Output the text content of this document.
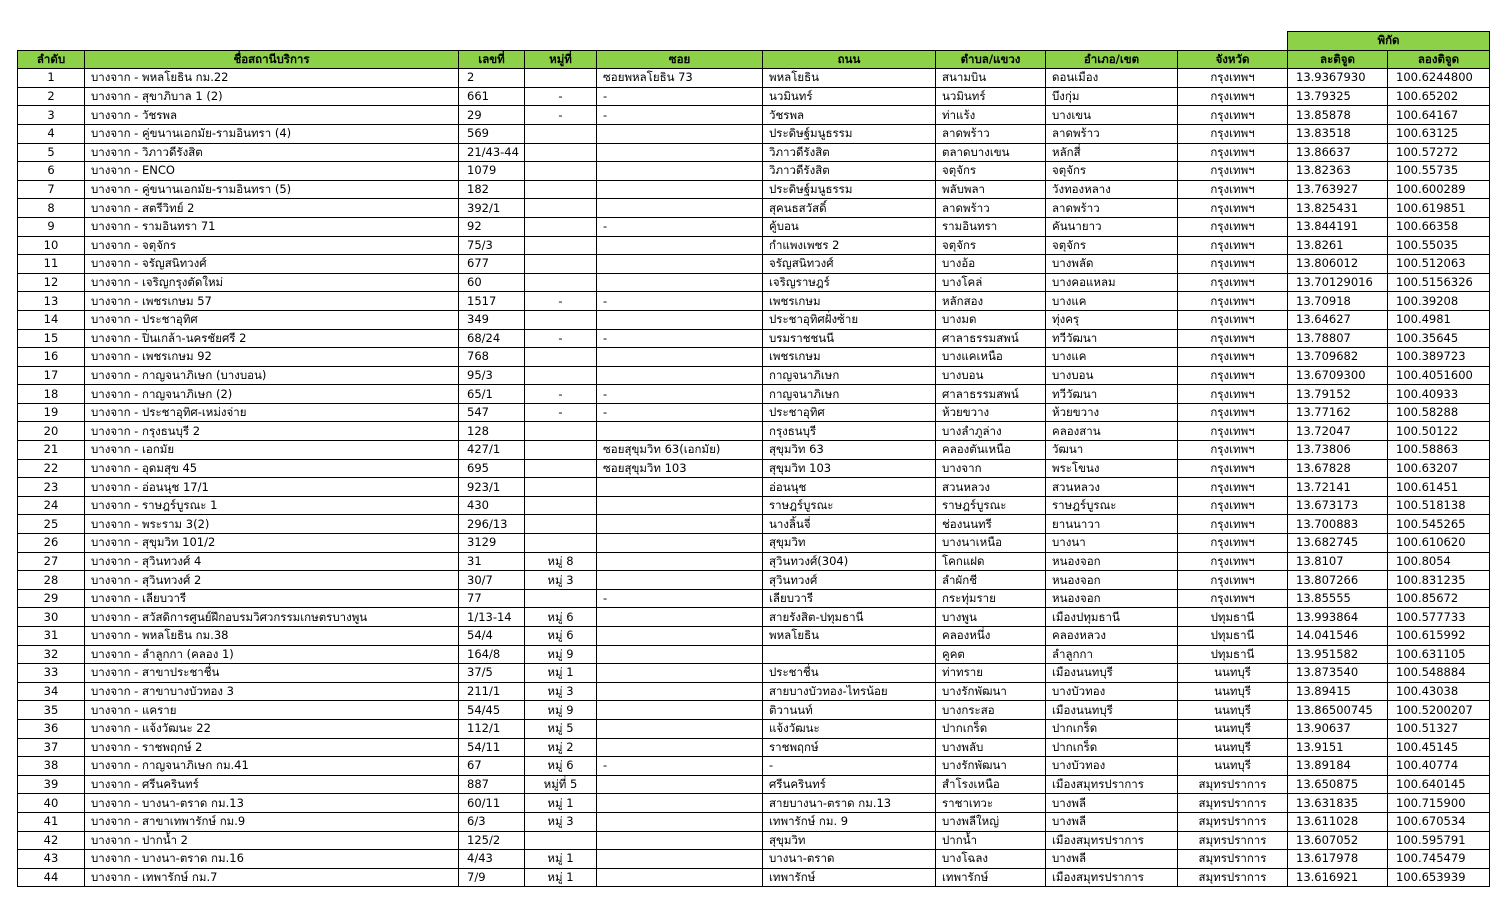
									พิกัด	
ลำดับ	ชื่อสถานีบริการ	เลขที่	หมู่ที่	ซอย	ถนน	ตำบล/แขวง	อำเภอ/เขต	จังหวัด	ละติจูด	ลองติจูด
1	บางจาก - พหลโยธิน กม.22	2		ซอยพหลโยธิน 73	พหลโยธิน	สนามบิน	ดอนเมือง	กรุงเทพฯ	13.9367930	100.6244800
2	บางจาก - สุขาภิบาล 1 (2)	661	-	-	นวมินทร์	นวมินทร์	บึงกุ่ม	กรุงเทพฯ	13.79325	100.65202
3	บางจาก - วัชรพล	29	-	-	วัชรพล	ท่าแร้ง	บางเขน	กรุงเทพฯ	13.85878	100.64167
4	บางจาก - คู่ขนานเอกมัย-รามอินทรา (4)	569			ประดิษฐ์มนูธรรม	ลาดพร้าว	ลาดพร้าว	กรุงเทพฯ	13.83518	100.63125
5	บางจาก - วิภาวดีรังสิต	21/43-44			วิภาวดีรังสิต	ตลาดบางเขน	หลักสี่	กรุงเทพฯ	13.86637	100.57272
6	บางจาก - ENCO	1079			วิภาวดีรังสิต	จตุจักร	จตุจักร	กรุงเทพฯ	13.82363	100.55735
7	บางจาก - คู่ขนานเอกมัย-รามอินทรา (5)	182			ประดิษฐ์มนูธรรม	พลับพลา	วังทองหลาง	กรุงเทพฯ	13.763927	100.600289
8	บางจาก - สตรีวิทย์ 2	392/1			สุคนธสวัสดิ์	ลาดพร้าว	ลาดพร้าว	กรุงเทพฯ	13.825431	100.619851
9	บางจาก - รามอินทรา 71	92		-	คู้บอน	รามอินทรา	คันนายาว	กรุงเทพฯ	13.844191	100.66358
10	บางจาก - จตุจักร	75/3			กำแพงเพชร 2	จตุจักร	จตุจักร	กรุงเทพฯ	13.8261	100.55035
11	บางจาก - จรัญสนิทวงศ์	677			จรัญสนิทวงศ์	บางอ้อ	บางพลัด	กรุงเทพฯ	13.806012	100.512063
12	บางจาก - เจริญกรุงตัดใหม่	60			เจริญราษฎร์	บางโคล่	บางคอแหลม	กรุงเทพฯ	13.70129016	100.5156326
13	บางจาก - เพชรเกษม 57	1517	-	-	เพชรเกษม	หลักสอง	บางแค	กรุงเทพฯ	13.70918	100.39208
14	บางจาก - ประชาอุทิศ	349			ประชาอุทิศฝั่งซ้าย	บางมด	ทุ่งครุ	กรุงเทพฯ	13.64627	100.4981
15	บางจาก - ปิ่นเกล้า-นครชัยศรี 2	68/24	-	-	บรมราชชนนี	ศาลาธรรมสพน์	ทวีวัฒนา	กรุงเทพฯ	13.78807	100.35645
16	บางจาก - เพชรเกษม 92	768			เพชรเกษม	บางแคเหนือ	บางแค	กรุงเทพฯ	13.709682	100.389723
17	บางจาก - กาญจนาภิเษก (บางบอน)	95/3			กาญจนาภิเษก	บางบอน	บางบอน	กรุงเทพฯ	13.6709300	100.4051600
18	บางจาก - กาญจนาภิเษก (2)	65/1	-	-	กาญจนาภิเษก	ศาลาธรรมสพน์	ทวีวัฒนา	กรุงเทพฯ	13.79152	100.40933
19	บางจาก - ประชาอุทิศ-เหม่งจ่าย	547	-	-	ประชาอุทิศ	ห้วยขวาง	ห้วยขวาง	กรุงเทพฯ	13.77162	100.58288
20	บางจาก - กรุงธนบุรี 2	128			กรุงธนบุรี	บางลำภูล่าง	คลองสาน	กรุงเทพฯ	13.72047	100.50122
21	บางจาก - เอกมัย	427/1		ซอยสุขุมวิท 63(เอกมัย)	สุขุมวิท 63	คลองตันเหนือ	วัฒนา	กรุงเทพฯ	13.73806	100.58863
22	บางจาก - อุดมสุข 45	695		ซอยสุขุมวิท 103	สุขุมวิท 103	บางจาก	พระโขนง	กรุงเทพฯ	13.67828	100.63207
23	บางจาก - อ่อนนุช 17/1	923/1			อ่อนนุช	สวนหลวง	สวนหลวง	กรุงเทพฯ	13.72141	100.61451
24	บางจาก - ราษฎร์บูรณะ 1	430			ราษฎร์บูรณะ	ราษฎร์บูรณะ	ราษฎร์บูรณะ	กรุงเทพฯ	13.673173	100.518138
25	บางจาก - พระราม 3(2)	296/13			นางลิ้นจี่	ช่องนนทรี	ยานนาวา	กรุงเทพฯ	13.700883	100.545265
26	บางจาก - สุขุมวิท 101/2	3129			สุขุมวิท	บางนาเหนือ	บางนา	กรุงเทพฯ	13.682745	100.610620
27	บางจาก - สุวินทวงศ์ 4	31	หมู่ 8		สุวินทวงศ์(304)	โคกแฝด	หนองจอก	กรุงเทพฯ	13.8107	100.8054
28	บางจาก - สุวินทวงศ์ 2	30/7	หมู่ 3		สุวินทวงศ์	ลำผักชี	หนองจอก	กรุงเทพฯ	13.807266	100.831235
29	บางจาก - เลียบวารี	77		-	เลียบวารี	กระทุ่มราย	หนองจอก	กรุงเทพฯ	13.85555	100.85672
30	บางจาก - สวัสดิการศูนย์ฝึกอบรมวิศวกรรมเกษตรบางพูน	1/13-14	หมู่ 6		สายรังสิต-ปทุมธานี	บางพูน	เมืองปทุมธานี	ปทุมธานี	13.993864	100.577733
31	บางจาก - พหลโยธิน กม.38	54/4	หมู่ 6		พหลโยธิน	คลองหนึ่ง	คลองหลวง	ปทุมธานี	14.041546	100.615992
32	บางจาก - ลำลูกกา (คลอง 1)	164/8	หมู่ 9			คูคต	ลำลูกกา	ปทุมธานี	13.951582	100.631105
33	บางจาก - สาขาประชาชื่น	37/5	หมู่ 1		ประชาชื่น	ท่าทราย	เมืองนนทบุรี	นนทบุรี	13.873540	100.548884
34	บางจาก - สาขาบางบัวทอง 3	211/1	หมู่ 3		สายบางบัวทอง-ไทรน้อย	บางรักพัฒนา	บางบัวทอง	นนทบุรี	13.89415	100.43038
35	บางจาก - แคราย	54/45	หมู่ 9		ติวานนท์	บางกระสอ	เมืองนนทบุรี	นนทบุรี	13.86500745	100.5200207
36	บางจาก - แจ้งวัฒนะ 22	112/1	หมู่ 5		แจ้งวัฒนะ	ปากเกร็ด	ปากเกร็ด	นนทบุรี	13.90637	100.51327
37	บางจาก - ราชพฤกษ์ 2	54/11	หมู่ 2		ราชพฤกษ์	บางพลับ	ปากเกร็ด	นนทบุรี	13.9151	100.45145
38	บางจาก - กาญจนาภิเษก กม.41	67	หมู่ 6	-	-	บางรักพัฒนา	บางบัวทอง	นนทบุรี	13.89184	100.40774
39	บางจาก - ศรีนครินทร์	887	หมู่ที่ 5		ศรีนครินทร์	สำโรงเหนือ	เมืองสมุทรปราการ	สมุทรปราการ	13.650875	100.640145
40	บางจาก - บางนา-ตราด กม.13	60/11	หมู่ 1		สายบางนา-ตราด กม.13	ราชาเทวะ	บางพลี	สมุทรปราการ	13.631835	100.715900
41	บางจาก - สาขาเทพารักษ์ กม.9	6/3	หมู่ 3		เทพารักษ์ กม. 9	บางพลีใหญ่	บางพลี	สมุทรปราการ	13.611028	100.670534
42	บางจาก - ปากน้ำ 2	125/2			สุขุมวิท	ปากน้ำ	เมืองสมุทรปราการ	สมุทรปราการ	13.607052	100.595791
43	บางจาก - บางนา-ตราด กม.16	4/43	หมู่ 1		บางนา-ตราด	บางโฉลง	บางพลี	สมุทรปราการ	13.617978	100.745479
44	บางจาก - เทพารักษ์ กม.7	7/9	หมู่ 1		เทพารักษ์	เทพารักษ์	เมืองสมุทรปราการ	สมุทรปราการ	13.616921	100.653939
